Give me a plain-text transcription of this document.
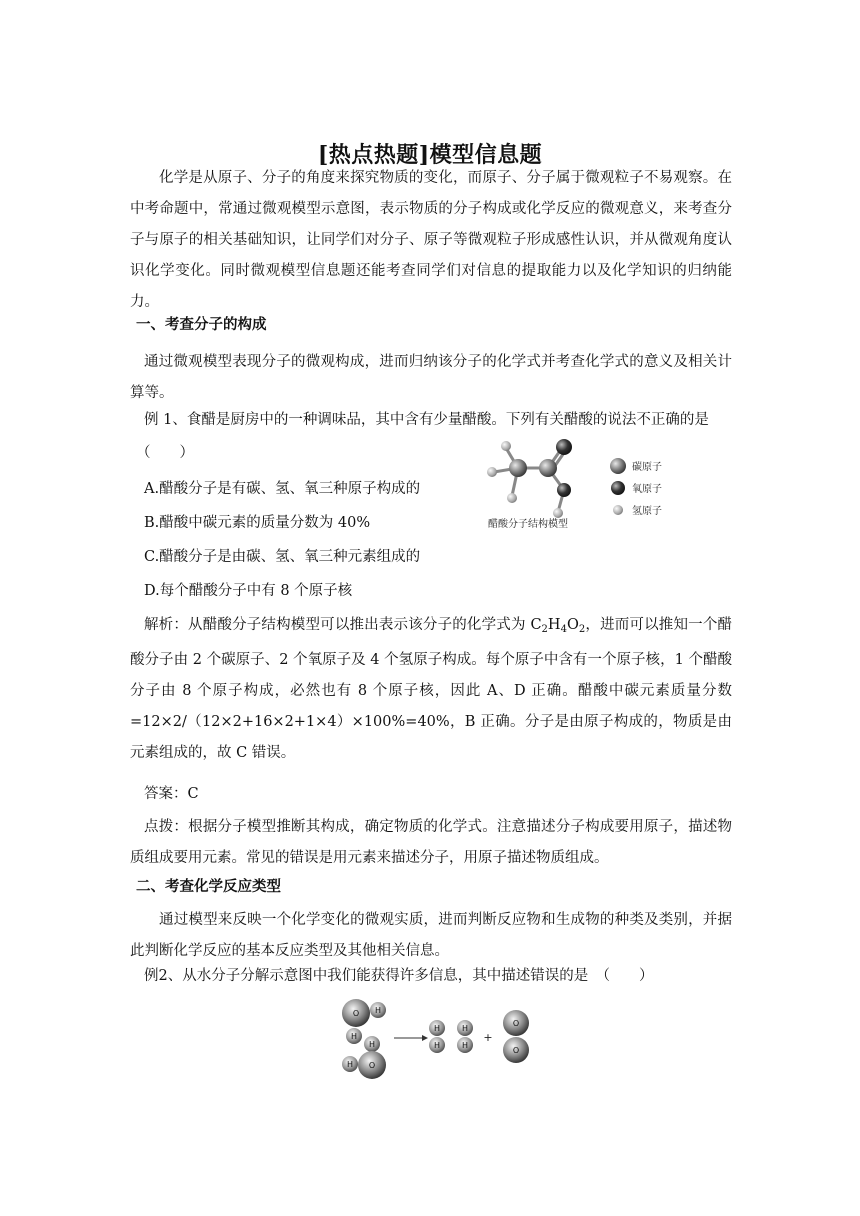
[热点热题]模型信息题
化学是从原子、分子的角度来探究物质的变化，而原子、分子属于微观粒子不易观察。在中考命题中，常通过微观模型示意图，表示物质的分子构成或化学反应的微观意义，来考查分子与原子的相关基础知识，让同学们对分子、原子等微观粒子形成感性认识，并从微观角度认识化学变化。同时微观模型信息题还能考查同学们对信息的提取能力以及化学知识的归纳能力。
一、考查分子的构成
通过微观模型表现分子的微观构成，进而归纳该分子的化学式并考查化学式的意义及相关计算等。
例 1、食醋是厨房中的一种调味品，其中含有少量醋酸。下列有关醋酸的说法不正确的是
（　　）
A.醋酸分子是有碳、氢、氧三种原子构成的
B.醋酸中碳元素的质量分数为 40%
C.醋酸分子是由碳、氢、氧三种元素组成的
D.每个醋酸分子中有 8 个原子核
醋酸分子结构模型
碳原子
氧原子
氢原子
解析：从醋酸分子结构模型可以推出表示该分子的化学式为 $C_2H_4O_2$，进而可以推知一个醋酸分子由 2 个碳原子、2 个氧原子及 4 个氢原子构成。每个原子中含有一个原子核，1 个醋酸分子由 8 个原子构成，必然也有 8 个原子核，因此 A、D 正确。醋酸中碳元素质量分数=12×2/（12×2+16×2+1×4）×100%=40%，B 正确。分子是由原子构成的，物质是由元素组成的，故 C 错误。
答案：C
点拨：根据分子模型推断其构成，确定物质的化学式。注意描述分子构成要用原子，描述物质组成要用元素。常见的错误是用元素来描述分子，用原子描述物质组成。
二、考查化学反应类型
通过模型来反映一个化学变化的微观实质，进而判断反应物和生成物的种类及类别，并据此判断化学反应的基本反应类型及其他相关信息。
例2、从水分子分解示意图中我们能获得许多信息，其中描述错误的是　（　　）
O H
H
H
H O
H
H
H
H
+
O
O
